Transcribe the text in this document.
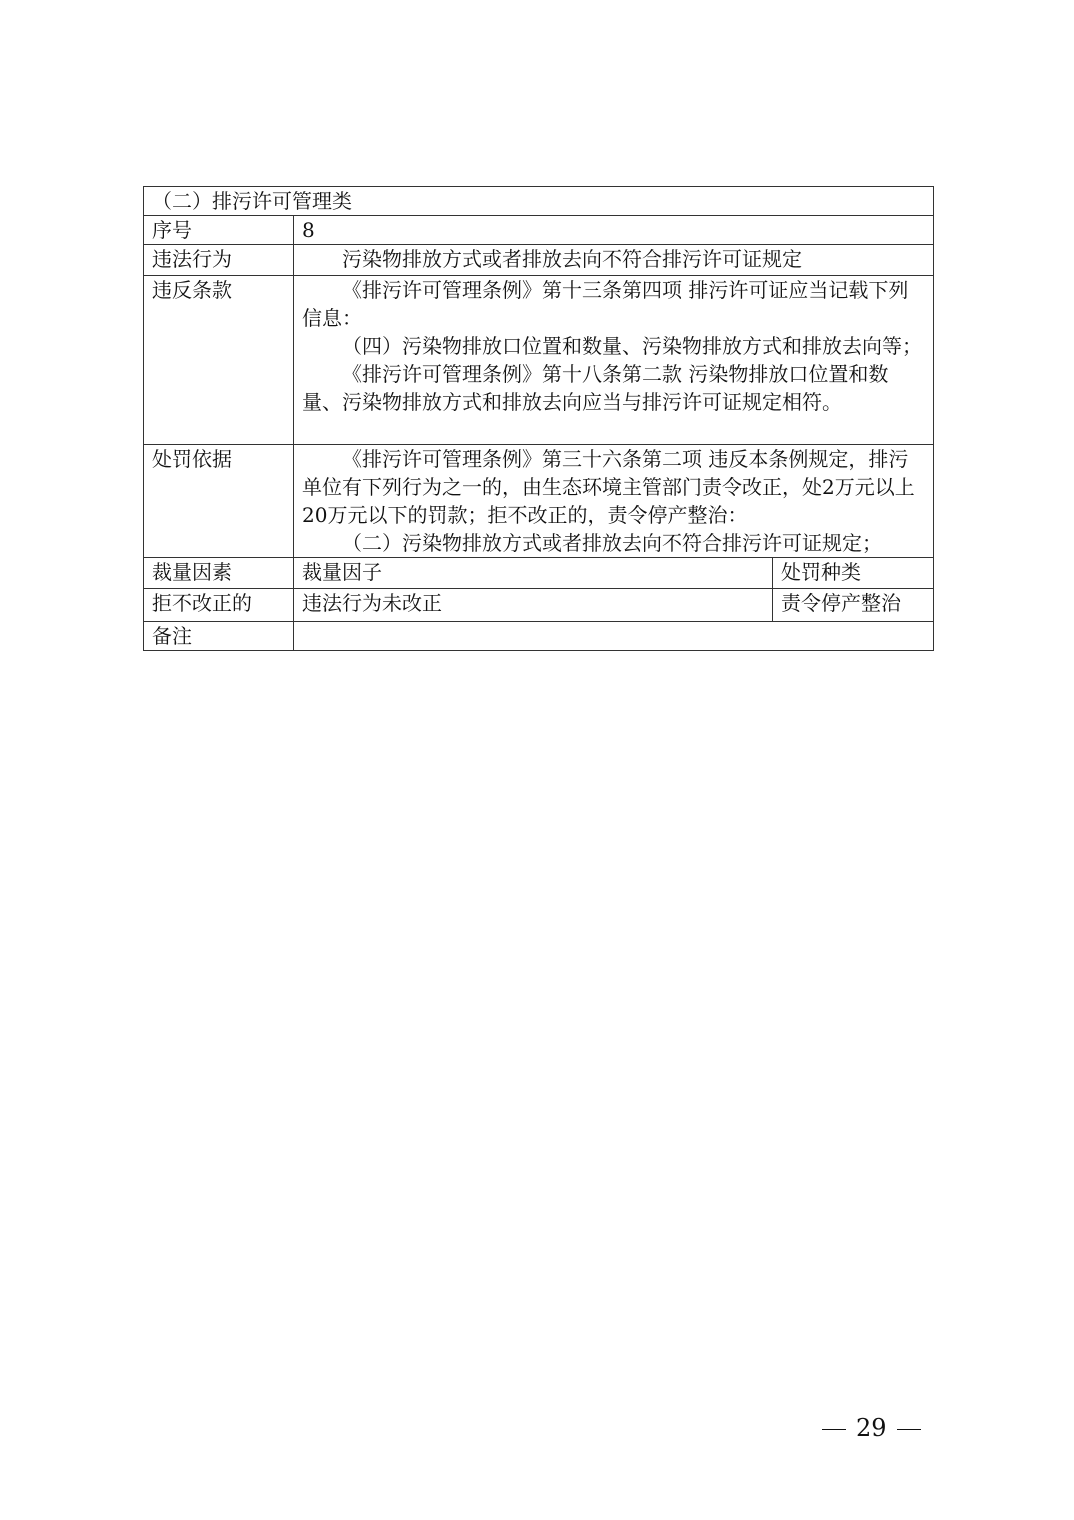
（二）排污许可管理类		
序号	8	
违法行为	污染物排放方式或者排放去向不符合排污许可证规定	

违反条款	《排污许可管理条例》第十三条第四项 排污许可证应当记载下列信息：

（四）污染物排放口位置和数量、污染物排放方式和排放去向等；

《排污许可管理条例》第十八条第二款 污染物排放口位置和数量、污染物排放方式和排放去向应当与排污许可证规定相符。	

处罚依据	《排污许可管理条例》第三十六条第二项 违反本条例规定，排污单位有下列行为之一的，由生态环境主管部门责令改正，处2万元以上20万元以下的罚款；拒不改正的，责令停产整治：

（二）污染物排放方式或者排放去向不符合排污许可证规定；	

裁量因素	裁量因子	处罚种类
拒不改正的	违法行为未改正	责令停产整治
备注		
29
